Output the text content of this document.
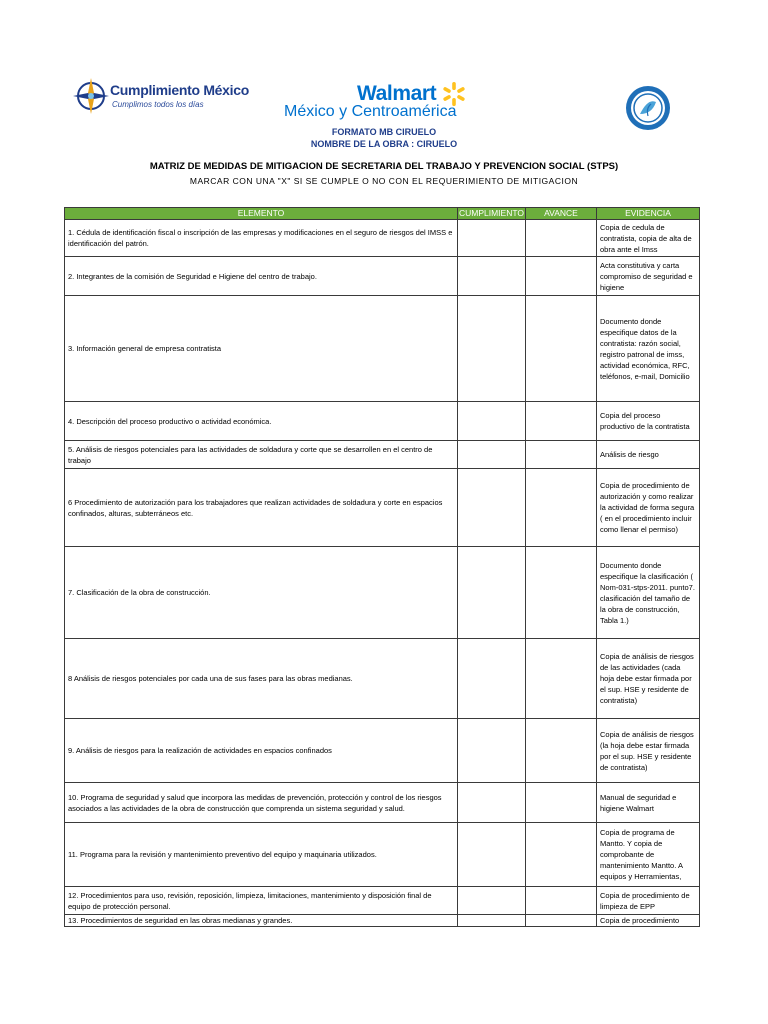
Cumplimiento México
Cumplimos todos los días	Walmart
México y Centroamérica
FORMATO MB CIRUELO
NOMBRE DE LA OBRA : CIRUELO
MATRIZ DE MEDIDAS DE MITIGACION DE SECRETARIA DEL TRABAJO Y PREVENCION SOCIAL (STPS)
MARCAR CON UNA "X" SI SE CUMPLE O NO CON EL REQUERIMIENTO DE MITIGACION
ELEMENTO	CUMPLIMIENTO	AVANCE	EVIDENCIA
1. Cédula de identificación fiscal o inscripción de las empresas y modificaciones en el seguro de riesgos del IMSS e identificación del patrón.			Copia de cedula de contratista, copia de alta de obra ante el Imss
2. Integrantes de la comisión de Seguridad e Higiene del centro de trabajo.			Acta constitutiva y carta compromiso de seguridad e higiene
3. Información general de empresa contratista			Documento donde especifique datos de la contratista: razón social, registro patronal de imss, actividad económica, RFC, teléfonos, e-mail, Domicilio
4. Descripción del proceso productivo o actividad económica.			Copia del proceso productivo de la contratista
5. Análisis de riesgos potenciales para las actividades de soldadura y corte que se desarrollen en el centro de trabajo			Análisis de riesgo
6 Procedimiento de autorización para los trabajadores que realizan actividades de soldadura y corte en espacios confinados, alturas, subterráneos etc.			Copia de procedimiento de autorización y como realizar la actividad de forma segura ( en el procedimiento incluir como llenar el permiso)
7. Clasificación de la obra de construcción.			Documento donde especifique la clasificación ( Nom-031-stps-2011. punto7. clasificación del tamaño de la obra de construcción, Tabla 1.)
8 Análisis de riesgos potenciales por cada una de sus fases para las obras medianas.			Copia de análisis de riesgos de las actividades (cada hoja debe estar firmada por el sup. HSE y residente de contratista)
9. Análisis de riesgos para la realización de actividades en espacios confinados			Copia de análisis de riesgos (la hoja debe estar firmada por el sup. HSE y residente de contratista)
10. Programa de seguridad y salud que incorpora las medidas de prevención, protección y control de los riesgos asociados a las actividades de la obra de construcción que comprenda un sistema seguridad y salud.			Manual de seguridad e higiene Walmart
11. Programa para la revisión y mantenimiento preventivo del equipo y maquinaria utilizados.			Copia de programa de Mantto. Y copia de comprobante de mantenimiento Mantto. A equipos y Herramientas,
12. Procedimientos para uso, revisión, reposición, limpieza, limitaciones, mantenimiento y disposición final de equipo de protección personal.			Copia de procedimiento de limpieza de EPP
13. Procedimientos de seguridad en las obras medianas y grandes.			Copia de procedimiento
